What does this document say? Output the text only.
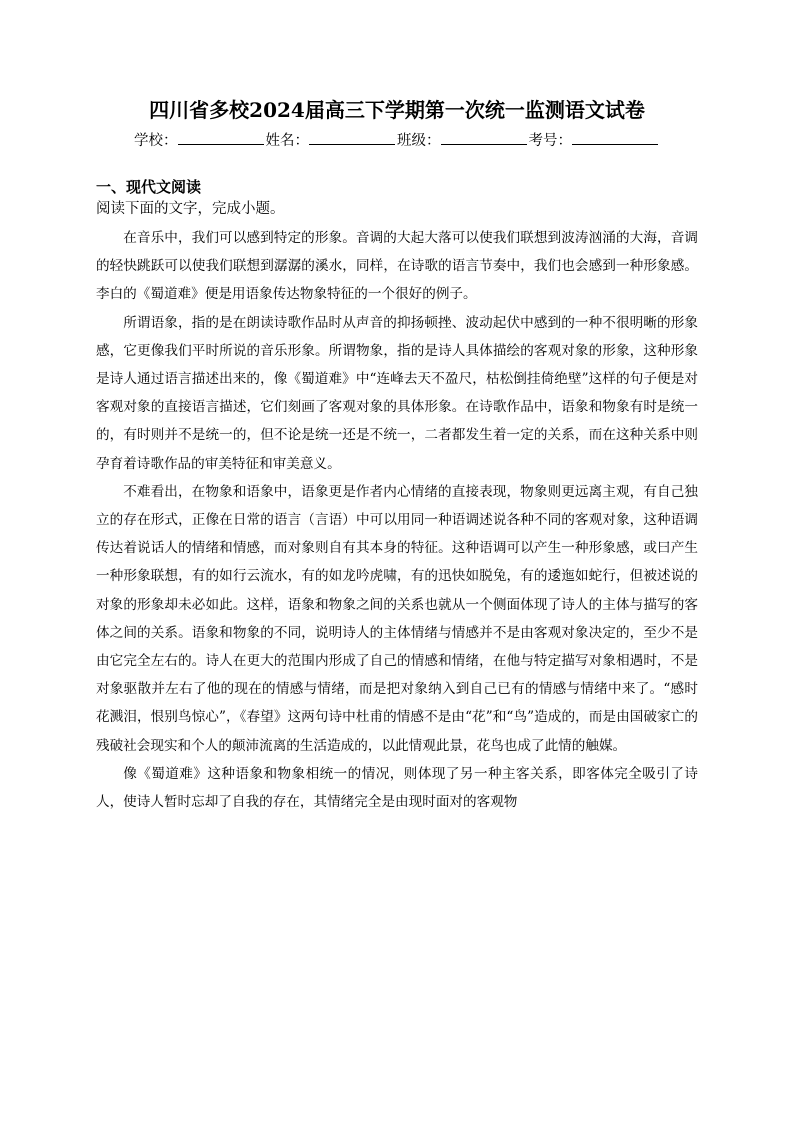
四川省多校2024届高三下学期第一次统一监测语文试卷
学校：	姓名：	班级：	考号：
一、现代文阅读
阅读下面的文字，完成小题。

在音乐中，我们可以感到特定的形象。音调的大起大落可以使我们联想到波涛汹涌的大海，音调的轻快跳跃可以使我们联想到潺潺的溪水，同样，在诗歌的语言节奏中，我们也会感到一种形象感。李白的《蜀道难》便是用语象传达物象特征的一个很好的例子。

所谓语象，指的是在朗读诗歌作品时从声音的抑扬顿挫、波动起伏中感到的一种不很明晰的形象感，它更像我们平时所说的音乐形象。所谓物象，指的是诗人具体描绘的客观对象的形象，这种形象是诗人通过语言描述出来的，像《蜀道难》中“连峰去天不盈尺，枯松倒挂倚绝壁”这样的句子便是对客观对象的直接语言描述，它们刻画了客观对象的具体形象。在诗歌作品中，语象和物象有时是统一的，有时则并不是统一的，但不论是统一还是不统一，二者都发生着一定的关系，而在这种关系中则孕育着诗歌作品的审美特征和审美意义。

不难看出，在物象和语象中，语象更是作者内心情绪的直接表现，物象则更远离主观，有自己独立的存在形式，正像在日常的语言（言语）中可以用同一种语调述说各种不同的客观对象，这种语调传达着说话人的情绪和情感，而对象则自有其本身的特征。这种语调可以产生一种形象感，或曰产生一种形象联想，有的如行云流水，有的如龙吟虎啸，有的迅快如脱兔，有的逶迤如蛇行，但被述说的对象的形象却未必如此。这样，语象和物象之间的关系也就从一个侧面体现了诗人的主体与描写的客体之间的关系。语象和物象的不同，说明诗人的主体情绪与情感并不是由客观对象决定的，至少不是由它完全左右的。诗人在更大的范围内形成了自己的情感和情绪，在他与特定描写对象相遇时，不是对象驱散并左右了他的现在的情感与情绪，而是把对象纳入到自己已有的情感与情绪中来了。“感时花溅泪，恨别鸟惊心”，《春望》这两句诗中杜甫的情感不是由“花”和“鸟”造成的，而是由国破家亡的残破社会现实和个人的颠沛流离的生活造成的，以此情观此景，花鸟也成了此情的触媒。

像《蜀道难》这种语象和物象相统一的情况，则体现了另一种主客关系，即客体完全吸引了诗人，使诗人暂时忘却了自我的存在，其情绪完全是由现时面对的客观物
